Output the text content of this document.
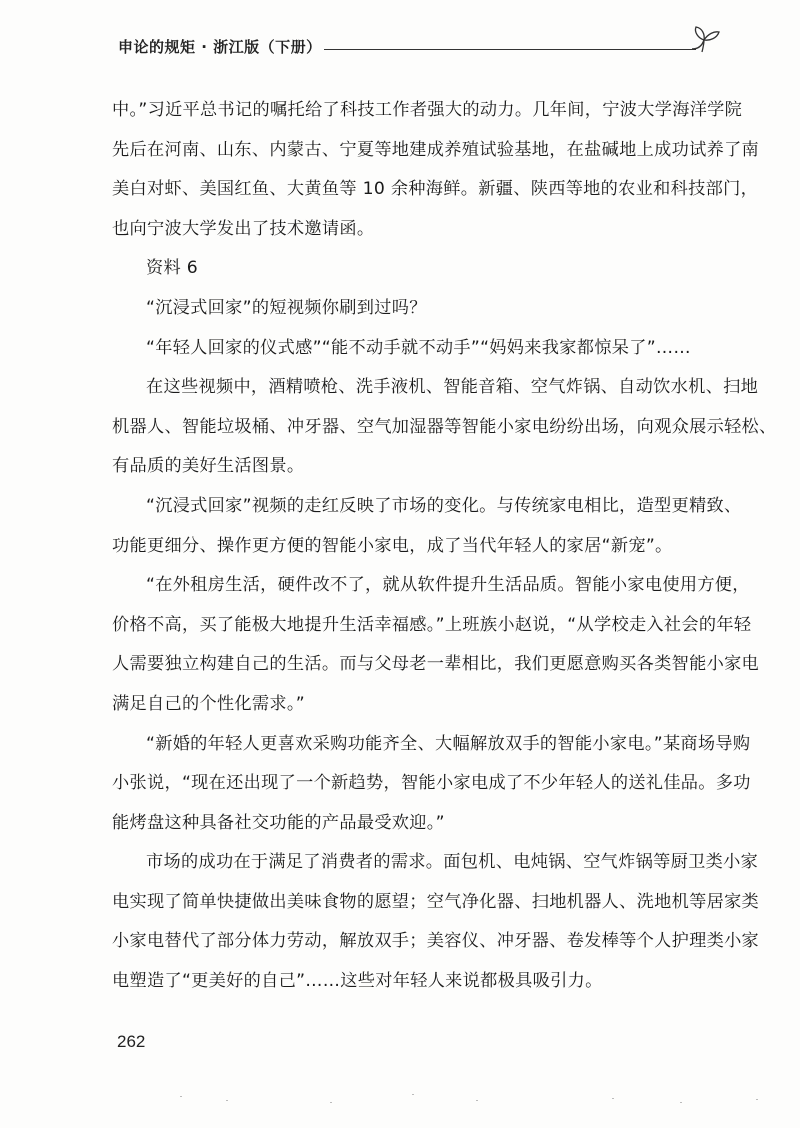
申论的规矩 · 浙江版（下册）
中。”习近平总书记的嘱托给了科技工作者强大的动力。几年间，宁波大学海洋学院
先后在河南、山东、内蒙古、宁夏等地建成养殖试验基地，在盐碱地上成功试养了南
美白对虾、美国红鱼、大黄鱼等 10 余种海鲜。新疆、陕西等地的农业和科技部门，
也向宁波大学发出了技术邀请函。
资料 6
“沉浸式回家”的短视频你刷到过吗？
“年轻人回家的仪式感”“能不动手就不动手”“妈妈来我家都惊呆了”……
在这些视频中，酒精喷枪、洗手液机、智能音箱、空气炸锅、自动饮水机、扫地
机器人、智能垃圾桶、冲牙器、空气加湿器等智能小家电纷纷出场，向观众展示轻松、
有品质的美好生活图景。
“沉浸式回家”视频的走红反映了市场的变化。与传统家电相比，造型更精致、
功能更细分、操作更方便的智能小家电，成了当代年轻人的家居“新宠”。
“在外租房生活，硬件改不了，就从软件提升生活品质。智能小家电使用方便，
价格不高，买了能极大地提升生活幸福感。”上班族小赵说，“从学校走入社会的年轻
人需要独立构建自己的生活。而与父母老一辈相比，我们更愿意购买各类智能小家电
满足自己的个性化需求。”
“新婚的年轻人更喜欢采购功能齐全、大幅解放双手的智能小家电。”某商场导购
小张说，“现在还出现了一个新趋势，智能小家电成了不少年轻人的送礼佳品。多功
能烤盘这种具备社交功能的产品最受欢迎。”
市场的成功在于满足了消费者的需求。面包机、电炖锅、空气炸锅等厨卫类小家
电实现了简单快捷做出美味食物的愿望；空气净化器、扫地机器人、洗地机等居家类
小家电替代了部分体力劳动，解放双手；美容仪、冲牙器、卷发棒等个人护理类小家
电塑造了“更美好的自己”……这些对年轻人来说都极具吸引力。
262
